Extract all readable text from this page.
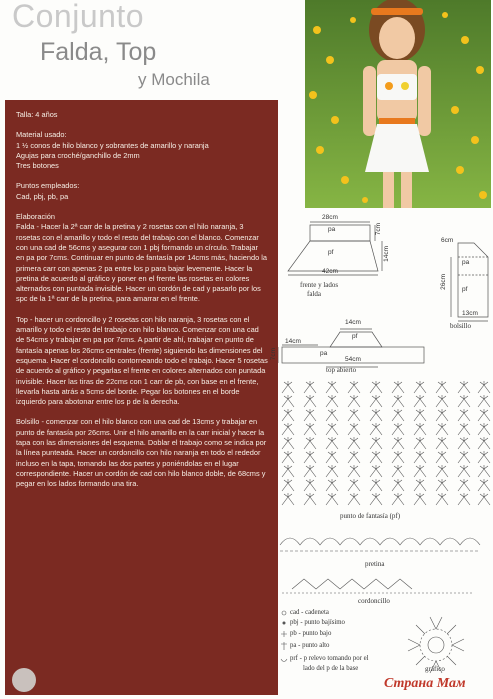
Conjunto
Falda, Top
y Mochila

Talla: 4 años

Material usado:

1 ½ conos de hilo blanco y sobrantes de amarillo y naranja

Agujas para croché/ganchillo de 2mm

Tres botones

Puntos empleados:

Cad, pbj, pb, pa

Elaboración

Falda - Hacer la 2ª carr de la pretina y 2 rosetas con el hilo naranja, 3 rosetas con el amarillo y todo el resto del trabajo con el blanco. Comenzar con una cad de 56cms y asegurar con 1 pbj formando un círculo. Trabajar en pa por 7cms. Continuar en punto de fantasía por 14cms más, haciendo la primera carr con apenas 2 pa entre los p para bajar levemente. Hacer la pretina de acuerdo al gráfico y poner en el frente las rosetas en colores alternados con puntada invisible. Hacer un cordón de cad y pasarlo por los spc de la 1ª carr de la pretina, para amarrar en el frente.

Top - hacer un cordoncillo y 2 rosetas con hilo naranja, 3 rosetas con el amarillo y todo el resto del trabajo con hilo blanco. Comenzar con una cad de 54cms y trabajar en pa por 7cms. A partir de ahí, trabajar en punto de fantasía apenas los 26cms centrales (frente) siguiendo las dimensiones del esquema. Hacer el cordoncillo contorneando todo el trabajo. Hacer 5 rosetas de acuerdo al gráfico y pegarlas el frente en colores alternados con puntada invisible. Hacer las tiras de 22cms con 1 carr de pb, con base en el frente, llevarla hasta atrás a 5cms del borde. Pegar los botones en el borde izquierdo para abotonar entre los p de la derecha.

Bolsillo - comenzar con el hilo blanco con una cad de 13cms y trabajar en punto de fantasía por 26cms. Unir el hilo amarillo en la carr inicial y hacer la tapa con las dimensiones del esquema. Doblar el trabajo como se indica por la línea punteada. Hacer un cordoncillo con hilo naranja en todo el rededor incluso en la tapa, tomando las dos partes y poniéndolas en el lugar correspondiente. Hacer un cordón de cad con hilo blanco doble, de 68cms y pegar en los lados formando una tira.

28cm
pa
pf
42cm
7cm
14cm
frente y lados
falda
6cm
pa
pf
26cm
13cm
bolsillo
14cm
pf
14cm
pa
54cm
7cm
top abierto
punto de fantasía (pf)
pretina
cordoncillo
cad - cadeneta
pbj - punto bajísimo
pb - punto bajo
pa - punto alto
prf - p relevo tomando por el
lado del p de la base	gráfico
Страна Мам
